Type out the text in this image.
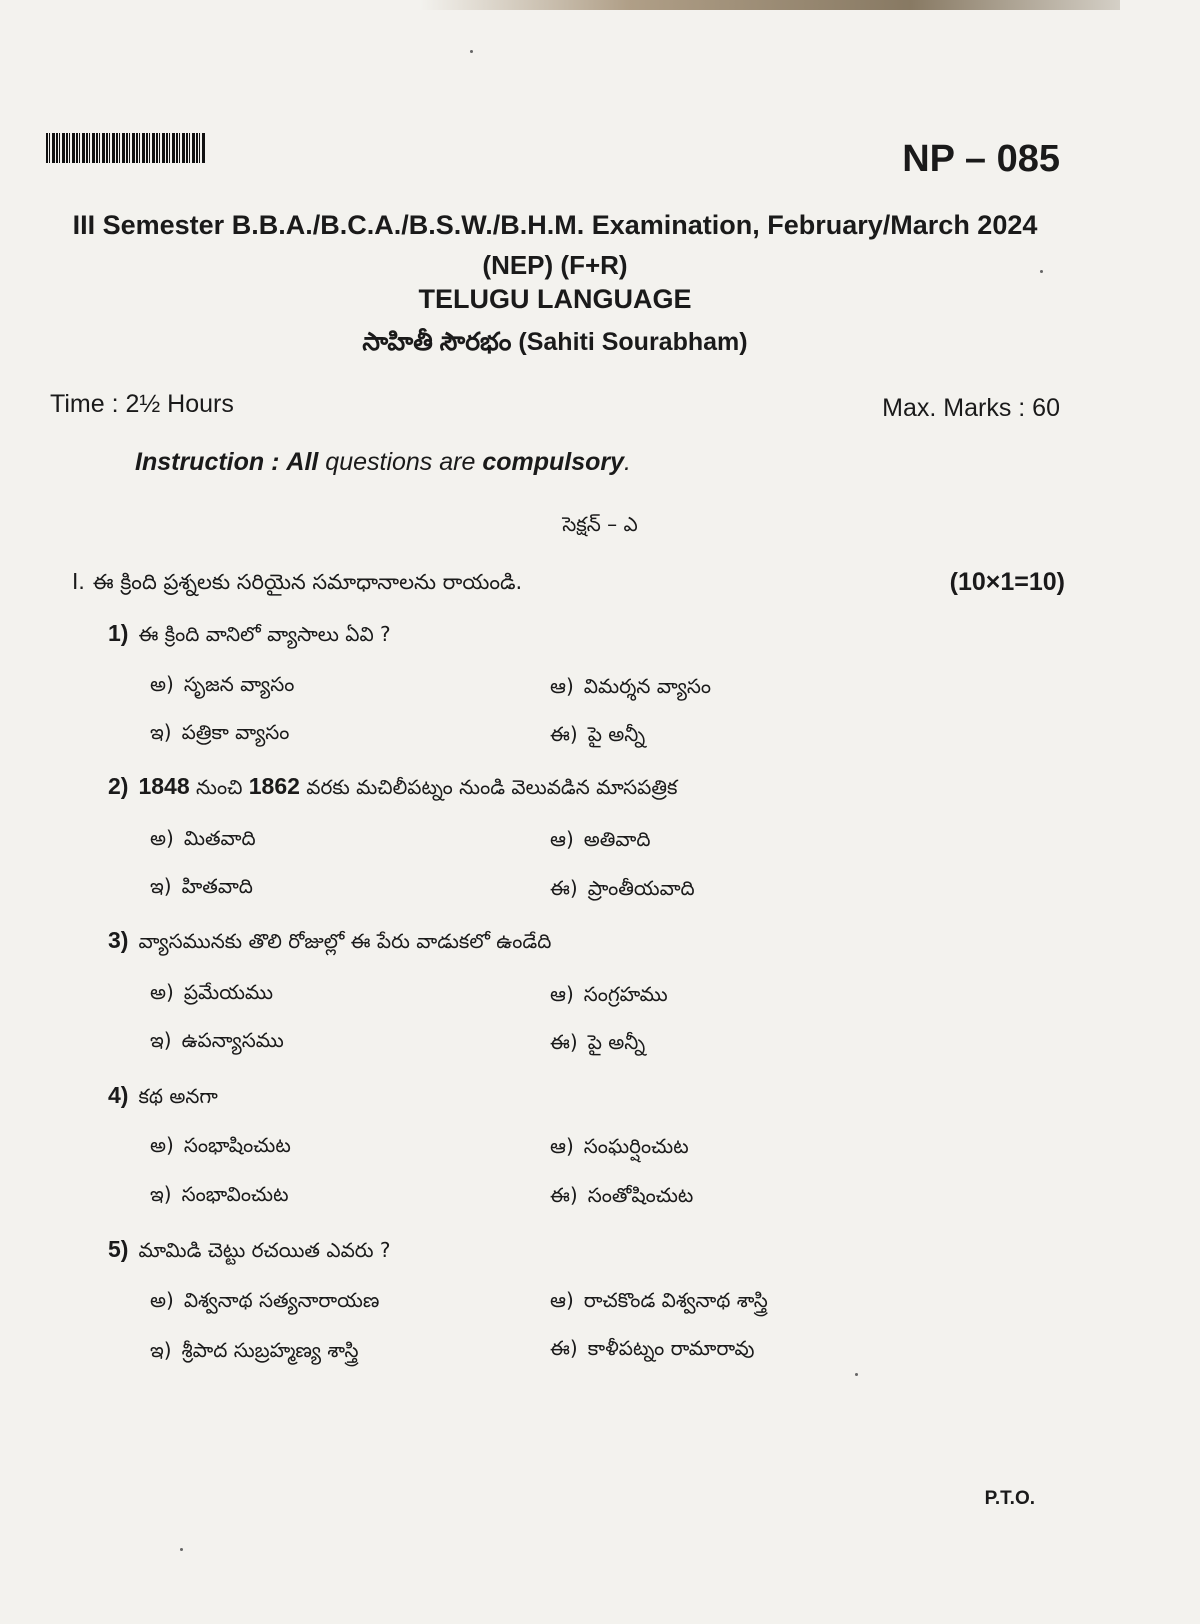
NP – 085
III Semester B.B.A./B.C.A./B.S.W./B.H.M. Examination, February/March 2024
(NEP) (F+R)
TELUGU LANGUAGE
సాహితీ సౌరభం (Sahiti Sourabham)
Time : 2½ Hours	Max. Marks : 60
Instruction : All questions are compulsory.
సెక్షన్ – ఎ
I. ఈ క్రింది ప్రశ్నలకు సరియైన సమాధానాలను రాయండి.	(10×1=10)
1) ఈ క్రింది వానిలో వ్యాసాలు ఏవి ?
అ) సృజన వ్యాసం	ఆ) విమర్శన వ్యాసం
ఇ) పత్రికా వ్యాసం	ఈ) పై అన్నీ
2) 1848 నుంచి 1862 వరకు మచిలీపట్నం నుండి వెలువడిన మాసపత్రిక
అ) మితవాది	ఆ) అతివాది
ఇ) హితవాది	ఈ) ప్రాంతీయవాది
3) వ్యాసమునకు తొలి రోజుల్లో ఈ పేరు వాడుకలో ఉండేది
అ) ప్రమేయము	ఆ) సంగ్రహము
ఇ) ఉపన్యాసము	ఈ) పై అన్నీ
4) కథ అనగా
అ) సంభాషించుట	ఆ) సంఘర్షించుట
ఇ) సంభావించుట	ఈ) సంతోషించుట
5) మామిడి చెట్టు రచయిత ఎవరు ?
అ) విశ్వనాథ సత్యనారాయణ	ఆ) రాచకొండ విశ్వనాథ శాస్త్రి
ఇ) శ్రీపాద సుబ్రహ్మణ్య శాస్త్రి	ఈ) కాళీపట్నం రామారావు
P.T.O.
